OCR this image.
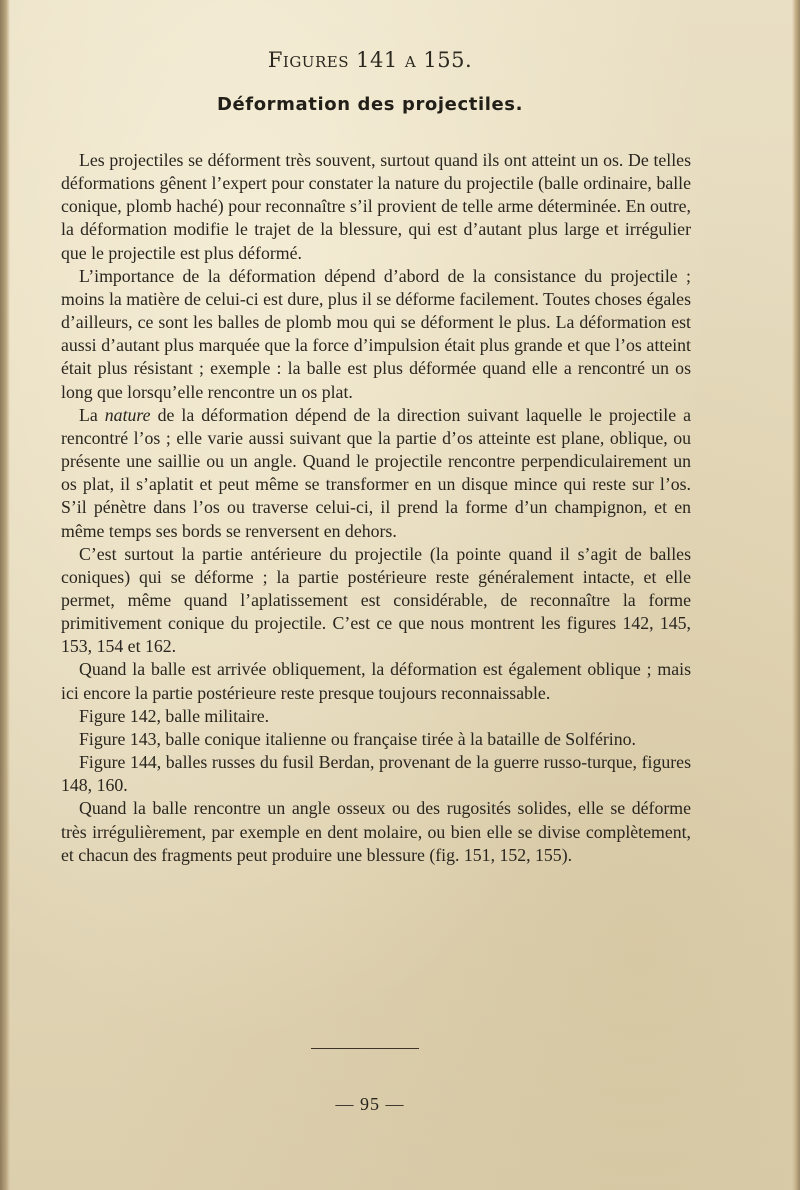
Figures 141 a 155.
Déformation des projectiles.

Les projectiles se déforment très souvent, surtout quand ils ont atteint un os. De telles déformations gênent l’expert pour constater la nature du projectile (balle ordinaire, balle conique, plomb haché) pour reconnaître s’il provient de telle arme déterminée. En outre, la déformation modifie le trajet de la blessure, qui est d’autant plus large et irrégulier que le projectile est plus déformé.

L’importance de la déformation dépend d’abord de la consistance du projectile ; moins la matière de celui-ci est dure, plus il se déforme facilement. Toutes choses égales d’ailleurs, ce sont les balles de plomb mou qui se déforment le plus. La déformation est aussi d’autant plus marquée que la force d’impulsion était plus grande et que l’os atteint était plus résistant ; exemple : la balle est plus déformée quand elle a rencontré un os long que lorsqu’elle rencontre un os plat.

La nature de la déformation dépend de la direction suivant laquelle le projectile a rencontré l’os ; elle varie aussi suivant que la partie d’os atteinte est plane, oblique, ou présente une saillie ou un angle. Quand le projectile rencontre perpendiculairement un os plat, il s’aplatit et peut même se transformer en un disque mince qui reste sur l’os. S’il pénètre dans l’os ou traverse celui-ci, il prend la forme d’un champignon, et en même temps ses bords se renversent en dehors.

C’est surtout la partie antérieure du projectile (la pointe quand il s’agit de balles coniques) qui se déforme ; la partie postérieure reste généralement intacte, et elle permet, même quand l’aplatissement est considérable, de reconnaître la forme primitivement conique du projectile. C’est ce que nous montrent les figures 142, 145, 153, 154 et 162.

Quand la balle est arrivée obliquement, la déformation est également oblique ; mais ici encore la partie postérieure reste presque toujours reconnaissable.

Figure 142, balle militaire.

Figure 143, balle conique italienne ou française tirée à la bataille de Solférino.

Figure 144, balles russes du fusil Berdan, provenant de la guerre russo-turque, figures 148, 160.

Quand la balle rencontre un angle osseux ou des rugosités solides, elle se déforme très irrégulièrement, par exemple en dent molaire, ou bien elle se divise complètement, et chacun des fragments peut produire une blessure (fig. 151, 152, 155).

— 95 —
